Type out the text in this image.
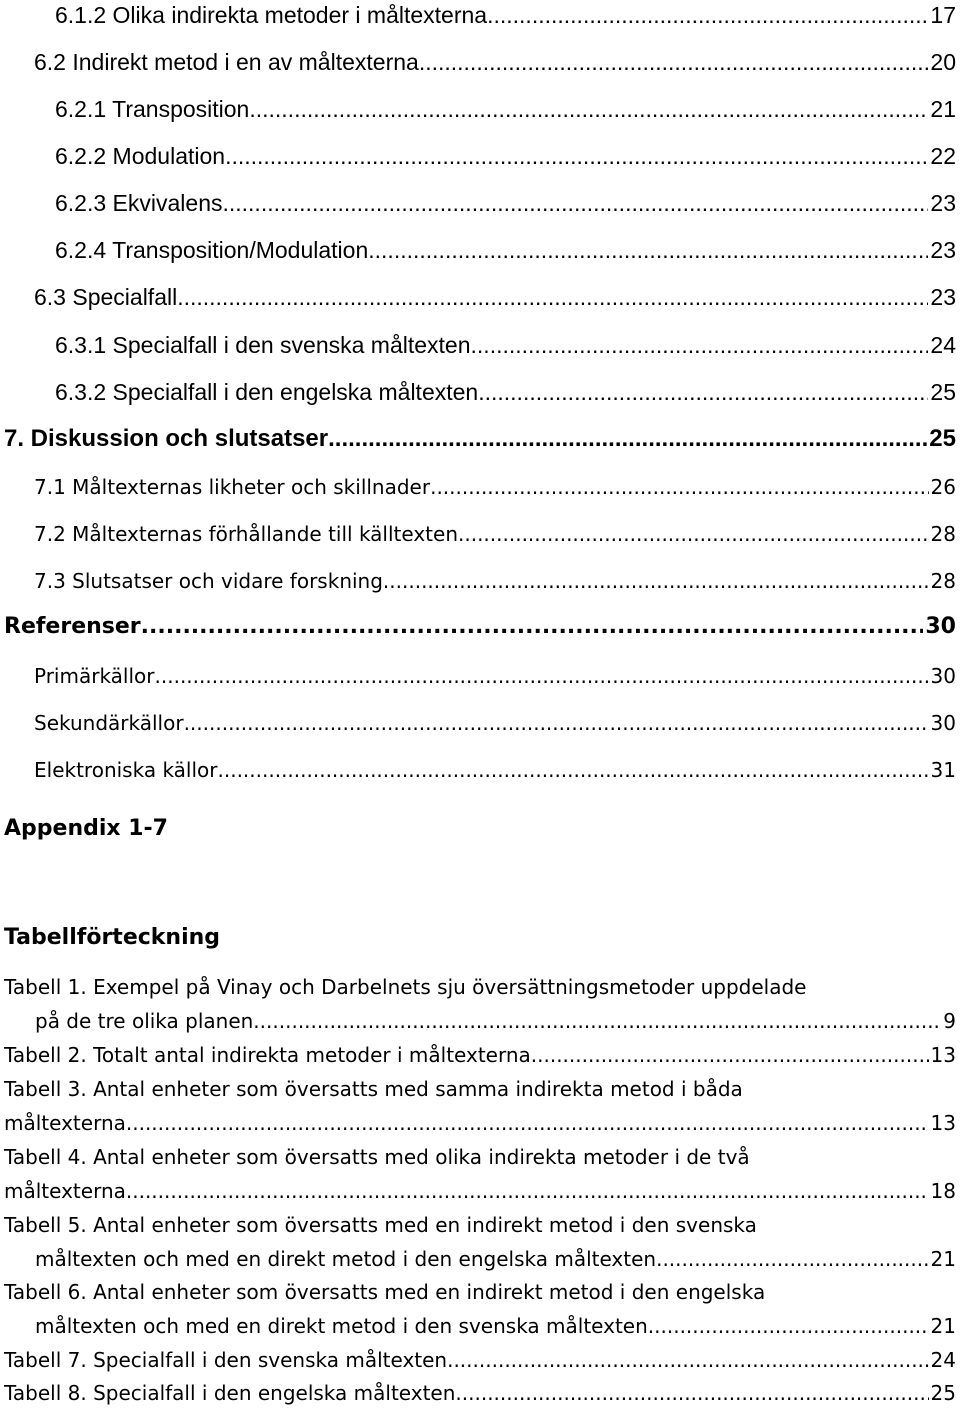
6.1.2 Olika indirekta metoder i måltexterna .....	17
6.2 Indirekt metod i en av måltexterna .....	20
6.2.1 Transposition .....	21
6.2.2 Modulation .....	22
6.2.3 Ekvivalens .....	23
6.2.4 Transposition/Modulation .....	23
6.3 Specialfall .....	23
6.3.1 Specialfall i den svenska måltexten .....	24
6.3.2 Specialfall i den engelska måltexten .....	25
7. Diskussion och slutsatser .....	25
7.1 Måltexternas likheter och skillnader .....	26
7.2 Måltexternas förhållande till källtexten .....	28
7.3 Slutsatser och vidare forskning .....	28
Referenser .....	30
Primärkällor .....	30
Sekundärkällor .....	30
Elektroniska källor .....	31
Appendix 1-7
Tabellförteckning
Tabell 1. Exempel på Vinay och Darbelnets sju översättningsmetoder uppdelade
på de tre olika planen. .....	9
Tabell 2. Totalt antal indirekta metoder i måltexterna. .....	13
Tabell 3. Antal enheter som översatts med samma indirekta metod i båda
måltexterna. .....	13
Tabell 4. Antal enheter som översatts med olika indirekta metoder i de två
måltexterna. .....	18
Tabell 5. Antal enheter som översatts med en indirekt metod i den svenska
måltexten och med en direkt metod i den engelska måltexten. .....	21
Tabell 6. Antal enheter som översatts med en indirekt metod i den engelska
måltexten och med en direkt metod i den svenska måltexten. .....	21
Tabell 7. Specialfall i den svenska måltexten. .....	24
Tabell 8. Specialfall i den engelska måltexten. .....	25
